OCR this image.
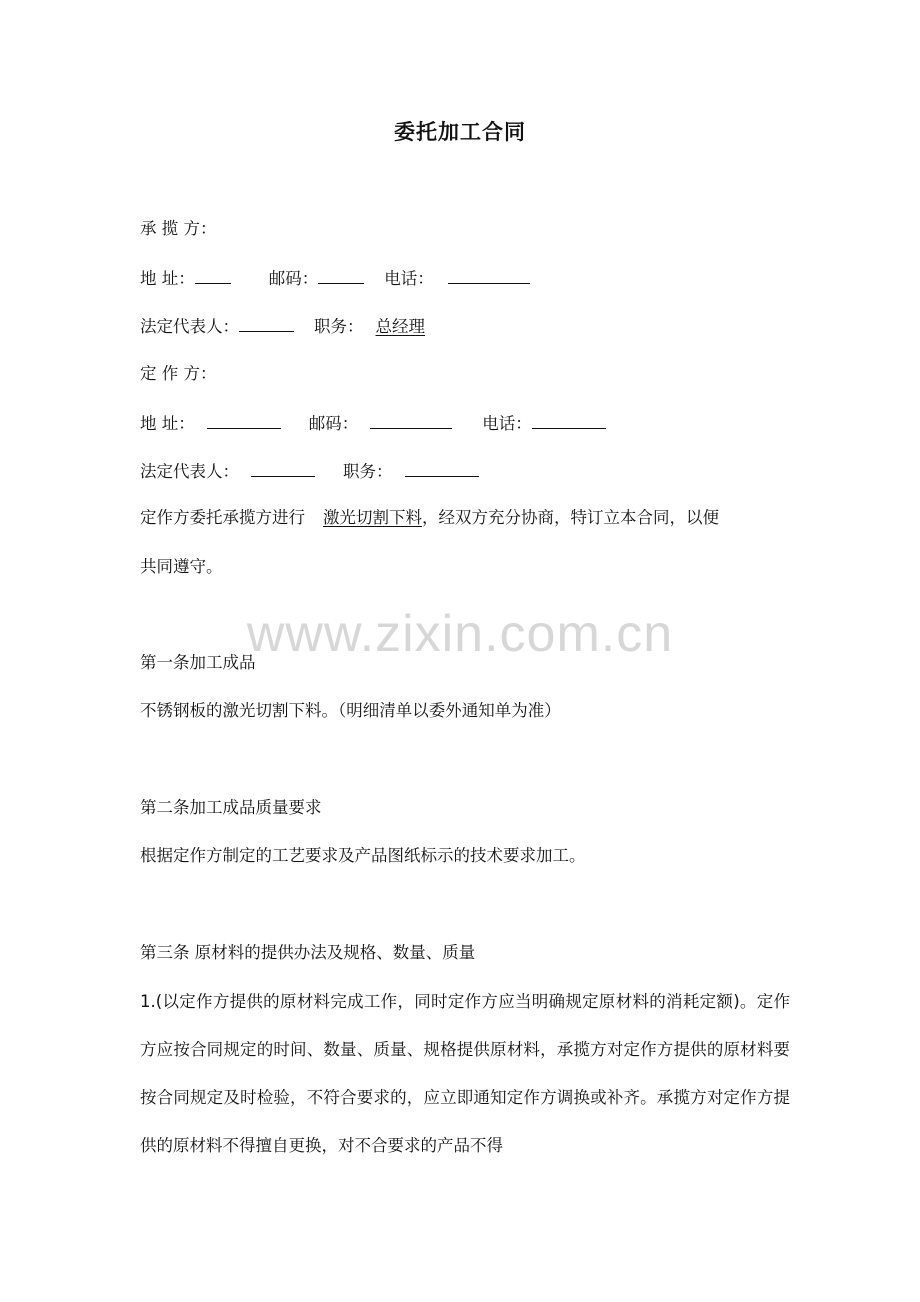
委托加工合同
承 揽 方：
地 址：	邮码：	电话：
法定代表人：	职务： 总经理
定 作 方：
地 址：	邮码：	电话：
法定代表人：	职务：
定作方委托承揽方进行 激光切割下料，经双方充分协商，特订立本合同，以便
共同遵守。
www.zixin.com.cn
第一条加工成品
不锈钢板的激光切割下料。（明细清单以委外通知单为准）
第二条加工成品质量要求
根据定作方制定的工艺要求及产品图纸标示的技术要求加工。
第三条 原材料的提供办法及规格、数量、质量
1.(以定作方提供的原材料完成工作，同时定作方应当明确规定原材料的消耗定额)。定作方应按合同规定的时间、数量、质量、规格提供原材料，承揽方对定作方提供的原材料要按合同规定及时检验，不符合要求的，应立即通知定作方调换或补齐。承揽方对定作方提供的原材料不得擅自更换，对不合要求的产品不得
